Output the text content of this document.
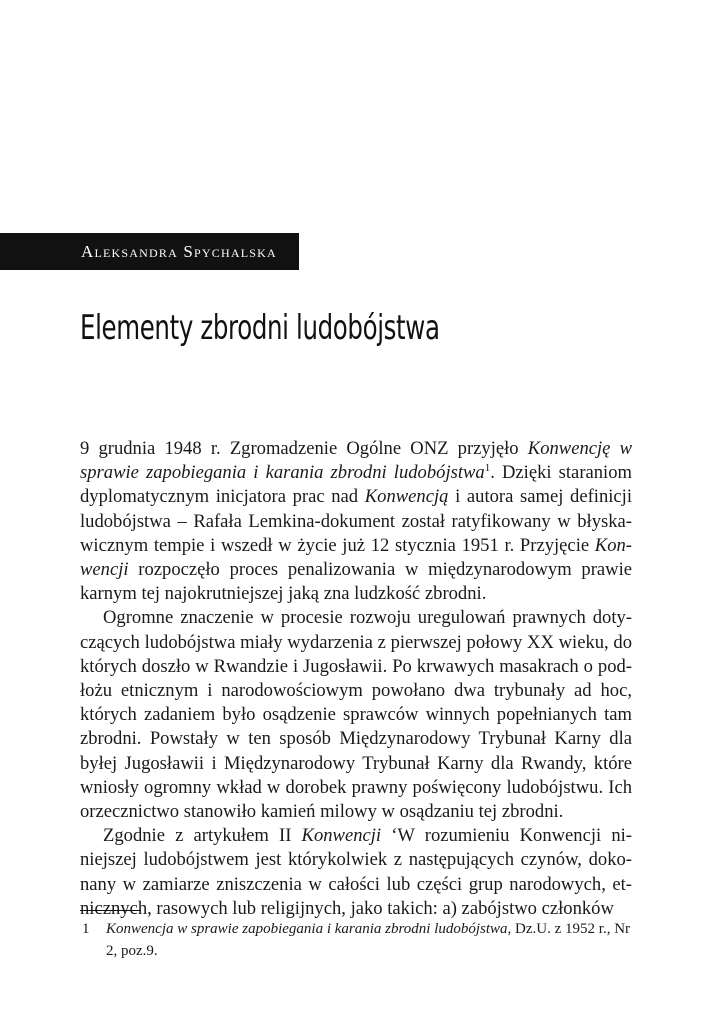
Aleksandra Spychalska
Elementy zbrodni ludobójstwa

9 grudnia 1948 r. Zgromadzenie Ogólne ONZ przyjęło Konwencję w sprawie zapobiegania i karania zbrodni ludobójstwa$^1$. Dzięki staraniom dyplomatycznym inicjatora prac nad Konwencją i autora samej definicji ludobójstwa – Rafała Lemkina-dokument został ratyfikowany w błyskawicznym tempie i wszedł w życie już 12 stycznia 1951 r. Przyjęcie Konwencji rozpoczęło proces penalizowania w międzynarodowym prawie karnym tej najokrutniejszej jaką zna ludzkość zbrodni.

Ogromne znaczenie w procesie rozwoju uregulowań prawnych dotyczących ludobójstwa miały wydarzenia z pierwszej połowy XX wieku, do których doszło w Rwandzie i Jugosławii. Po krwawych masakrach o podłożu etnicznym i narodowościowym powołano dwa trybunały ad hoc, których zadaniem było osądzenie sprawców winnych popełnianych tam zbrodni. Powstały w ten sposób Międzynarodowy Trybunał Karny dla byłej Jugosławii i Międzynarodowy Trybunał Karny dla Rwandy, które wniosły ogromny wkład w dorobek prawny poświęcony ludobójstwu. Ich orzecznictwo stanowiło kamień milowy w osądzaniu tej zbrodni.

Zgodnie z artykułem II Konwencji ‘W rozumieniu Konwencji niniejszej ludobójstwem jest którykolwiek z następujących czynów, dokonany w zamiarze zniszczenia w całości lub części grup narodowych, etnicznych, rasowych lub religijnych, jako takich: a) zabójstwo członków

1 Konwencja w sprawie zapobiegania i karania zbrodni ludobójstwa, Dz.U. z 1952 r., Nr 2, poz.9.
